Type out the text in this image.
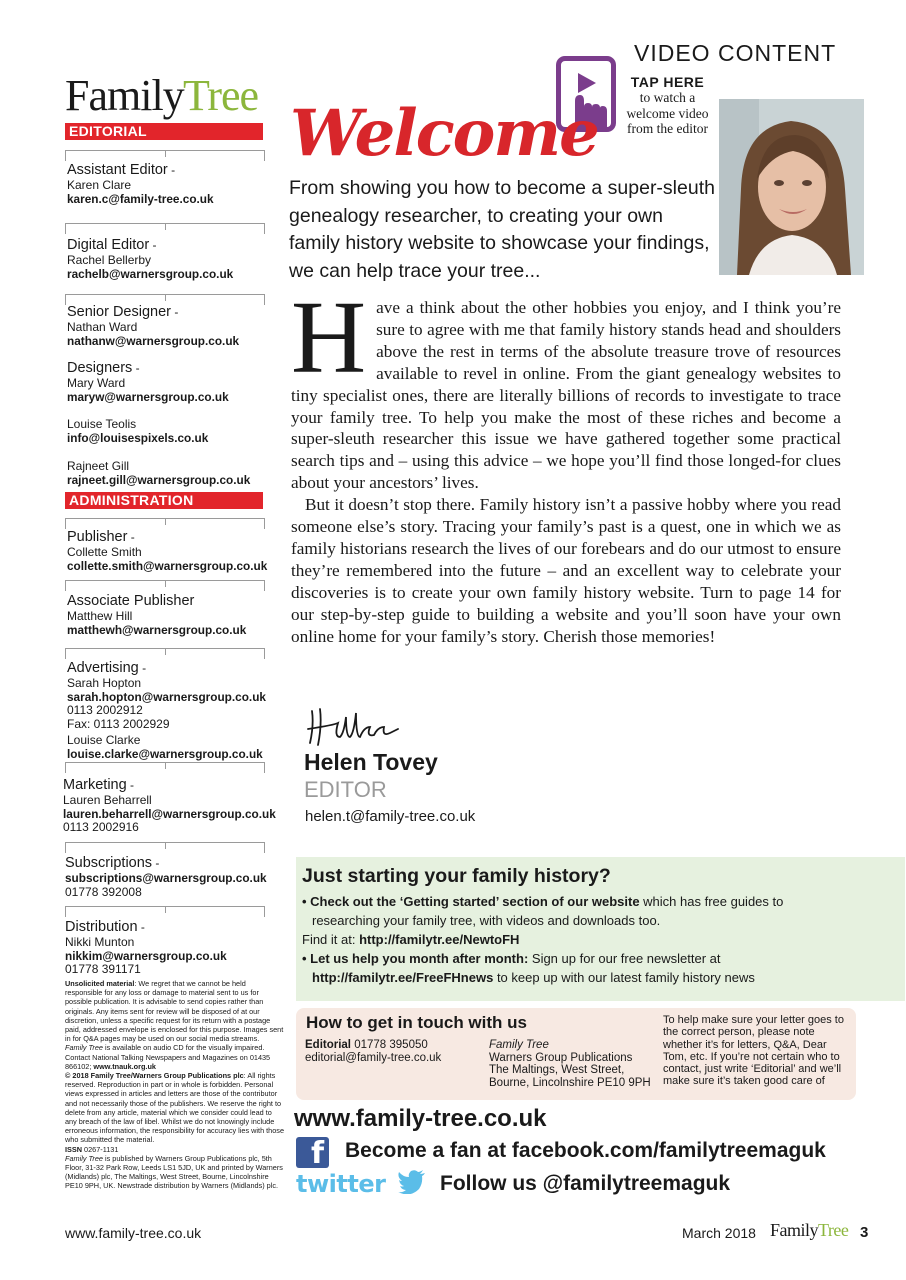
Family Tree
EDITORIAL
Assistant Editor -
Karen Clare
karen.c@family-tree.co.uk
Digital Editor -
Rachel Bellerby
rachelb@warnersgroup.co.uk
Senior Designer -
Nathan Ward
nathanw@warnersgroup.co.uk
Designers -
Mary Ward
maryw@warnersgroup.co.uk
Louise Teolis
info@louisespixels.co.uk
Rajneet Gill
rajneet.gill@warnersgroup.co.uk
ADMINISTRATION
Publisher -
Collette Smith
collette.smith@warnersgroup.co.uk
Associate Publisher
Matthew Hill
matthewh@warnersgroup.co.uk
Advertising -
Sarah Hopton
sarah.hopton@warnersgroup.co.uk
0113 2002912
Fax: 0113 2002929
Louise Clarke
louise.clarke@warnersgroup.co.uk
Marketing -
Lauren Beharrell
lauren.beharrell@warnersgroup.co.uk
0113 2002916
Subscriptions -
subscriptions@warnersgroup.co.uk
01778 392008
Distribution -
Nikki Munton
nikkim@warnersgroup.co.uk
01778 391171
Unsolicited material: We regret that we cannot be held responsible for any loss or damage to material sent to us for possible publication. It is advisable to send copies rather than originals. Any items sent for review will be disposed of at our discretion, unless a specific request for its return with a postage paid, addressed envelope is enclosed for this purpose. Images sent in for Q&A pages may be used on our social media streams.
Family Tree is available on audio CD for the visually impaired. Contact National Talking Newspapers and Magazines on 01435 866102; www.tnauk.org.uk
© 2018 Family Tree/Warners Group Publications plc: All rights reserved. Reproduction in part or in whole is forbidden. Personal views expressed in articles and letters are those of the contributor and not necessarily those of the publishers. We reserve the right to delete from any article, material which we consider could lead to any breach of the law of libel. Whilst we do not knowingly include erroneous information, the responsibility for accuracy lies with those who submitted the material.
ISSN 0267-1131
Family Tree is published by Warners Group Publications plc, 5th Floor, 31-32 Park Row, Leeds LS1 5JD, UK and printed by Warners (Midlands) plc, The Maltings, West Street, Bourne, Lincolnshire PE10 9PH, UK. Newstrade distribution by Warners (Midlands) plc.
VIDEO CONTENT
TAP HERE
to watch a welcome video from the editor
Welcome
From showing you how to become a super-sleuth genealogy researcher, to creating your own family history website to showcase your findings, we can help trace your tree...

Have a think about the other hobbies you enjoy, and I think you’re sure to agree with me that family history stands head and shoulders above the rest in terms of the absolute treasure trove of resources available to revel in online. From the giant genealogy websites to tiny specialist ones, there are literally billions of records to investigate to trace your family tree. To help you make the most of these riches and become a super-sleuth researcher this issue we have gathered together some practical search tips and – using this advice – we hope you’ll find those longed-for clues about your ancestors’ lives.

But it doesn’t stop there. Family history isn’t a passive hobby where you read someone else’s story. Tracing your family’s past is a quest, one in which we as family historians research the lives of our forebears and do our utmost to ensure they’re remembered into the future – and an excellent way to celebrate your discoveries is to create your own family history website. Turn to page 14 for our step-by-step guide to building a website and you’ll soon have your own online home for your family’s story. Cherish those memories!

Helen Tovey
EDITOR
helen.t@family-tree.co.uk
Just starting your family history?
• Check out the ‘Getting started’ section of our website which has free guides to
researching your family tree, with videos and downloads too.
Find it at: http://familytr.ee/NewtoFH
• Let us help you month after month: Sign up for our free newsletter at
http://familytr.ee/FreeFHnews to keep up with our latest family history news
How to get in touch with us
Editorial 01778 395050
editorial@family-tree.co.uk
Family Tree
Warners Group Publications
The Maltings, West Street,
Bourne, Lincolnshire PE10 9PH
To help make sure your letter goes to the correct person, please note whether it’s for letters, Q&A, Dear Tom, etc. If you’re not certain who to contact, just write ‘Editorial’ and we’ll make sure it’s taken good care of
www.family-tree.co.uk
f Become a fan at facebook.com/familytreemaguk
twitter	Follow us @familytreemaguk
www.family-tree.co.uk	March 2018 FamilyTree 3
